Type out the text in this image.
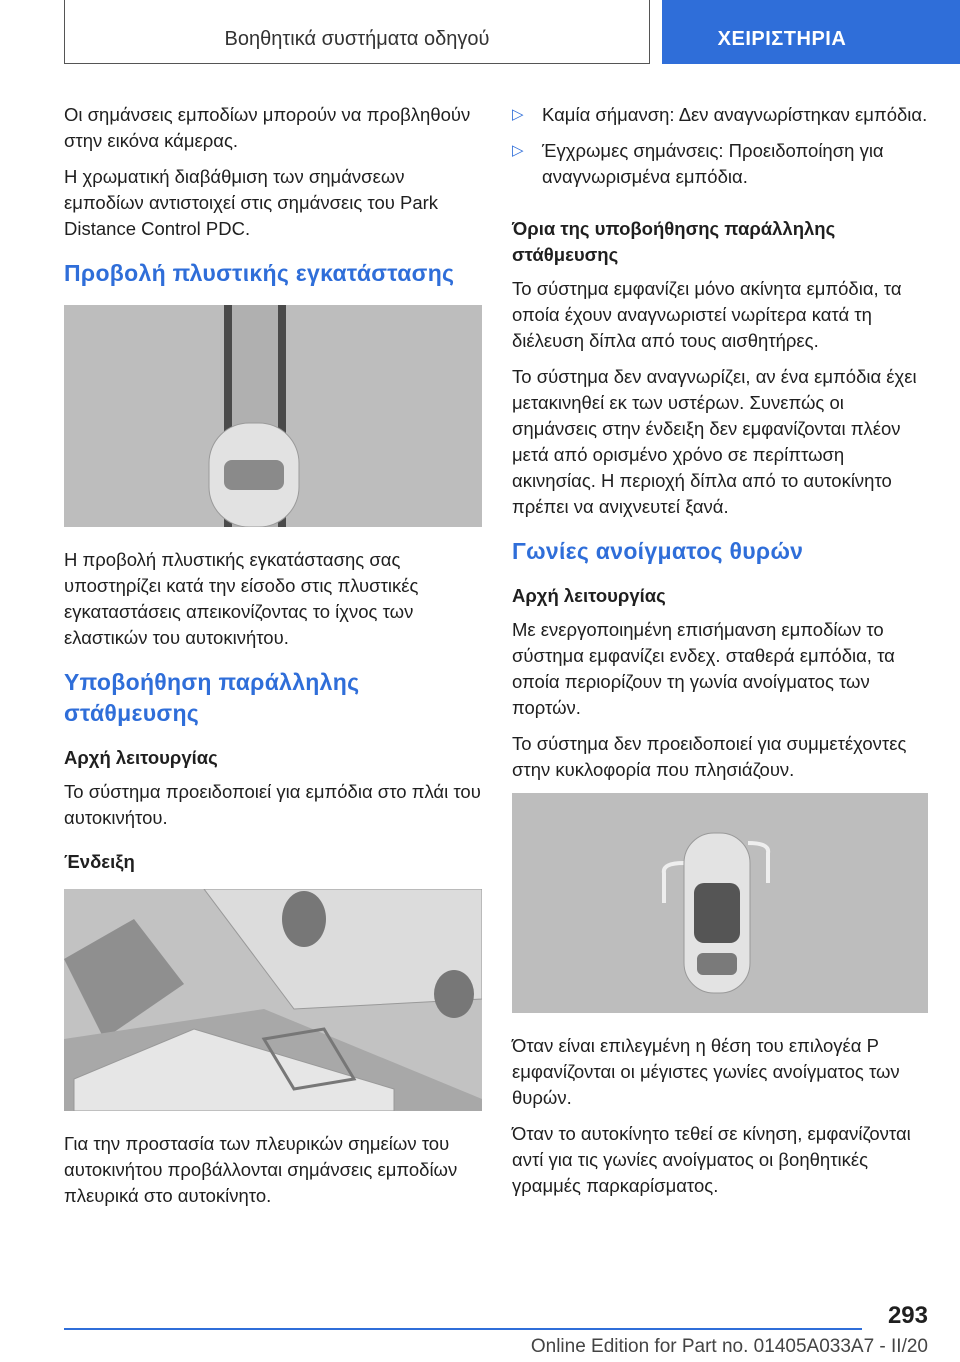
Βοηθητικά συστήματα οδηγού	ΧΕΙΡΙΣΤΗΡΙΑ

Οι σημάνσεις εμποδίων μπορούν να προβληθούν στην εικόνα κάμερας.

Η χρωματική διαβάθμιση των σημάνσεων εμποδίων αντιστοιχεί στις σημάνσεις του Park Distance Control PDC.

Προβολή πλυστικής εγκατάστασης

Η προβολή πλυστικής εγκατάστασης σας υποστηρίζει κατά την είσοδο στις πλυστικές εγκαταστάσεις απεικονίζοντας το ίχνος των ελαστικών του αυτοκινήτου.

Υποβοήθηση παράλληλης στάθμευσης
Αρχή λειτουργίας

Το σύστημα προειδοποιεί για εμπόδια στο πλάι του αυτοκινήτου.

Ένδειξη

Για την προστασία των πλευρικών σημείων του αυτοκινήτου προβάλλονται σημάνσεις εμποδίων πλευρικά στο αυτοκίνητο.

▷ Καμία σήμανση: Δεν αναγνωρίστηκαν εμπόδια.
▷ Έγχρωμες σημάνσεις: Προειδοποίηση για αναγνωρισμένα εμπόδια.
Όρια της υποβοήθησης παράλληλης στάθμευσης

Το σύστημα εμφανίζει μόνο ακίνητα εμπόδια, τα οποία έχουν αναγνωριστεί νωρίτερα κατά τη διέλευση δίπλα από τους αισθητήρες.

Το σύστημα δεν αναγνωρίζει, αν ένα εμπόδια έχει μετακινηθεί εκ των υστέρων. Συνεπώς οι σημάνσεις στην ένδειξη δεν εμφανίζονται πλέον μετά από ορισμένο χρόνο σε περίπτωση ακινησίας. Η περιοχή δίπλα από το αυτοκίνητο πρέπει να ανιχνευτεί ξανά.

Γωνίες ανοίγματος θυρών
Αρχή λειτουργίας

Με ενεργοποιημένη επισήμανση εμποδίων το σύστημα εμφανίζει ενδεχ. σταθερά εμπόδια, τα οποία περιορίζουν τη γωνία ανοίγματος των πορτών.

Το σύστημα δεν προειδοποιεί για συμμετέχοντες στην κυκλοφορία που πλησιάζουν.

Όταν είναι επιλεγμένη η θέση του επιλογέα P εμφανίζονται οι μέγιστες γωνίες ανοίγματος των θυρών.

Όταν το αυτοκίνητο τεθεί σε κίνηση, εμφανίζονται αντί για τις γωνίες ανοίγματος οι βοηθητικές γραμμές παρκαρίσματος.

293
Online Edition for Part no. 01405A033A7 - II/20
